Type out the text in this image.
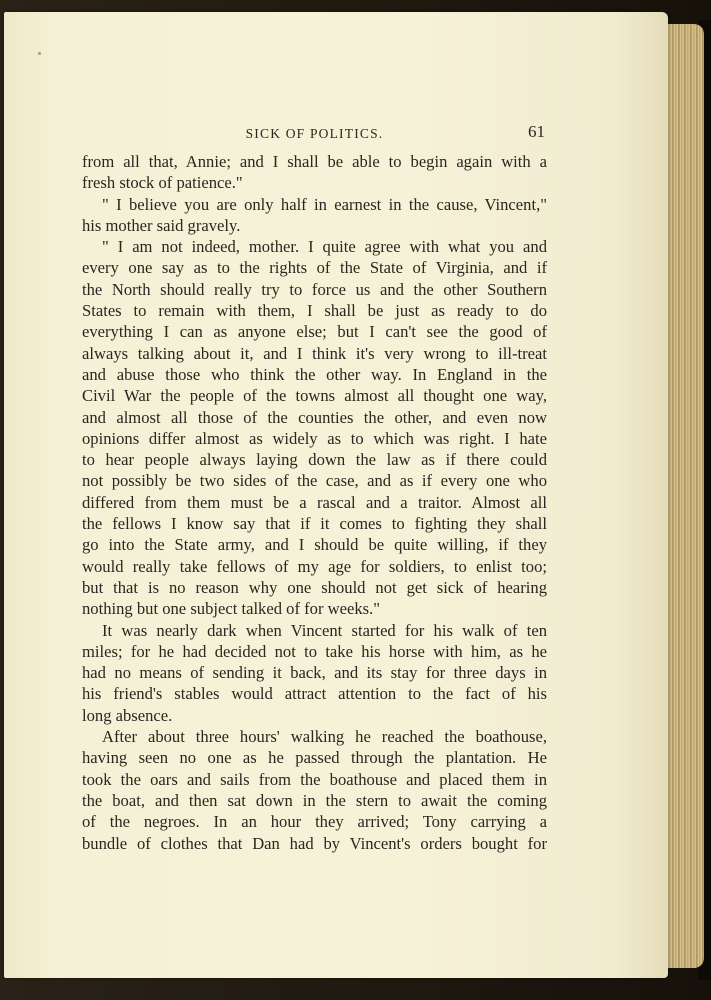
SICK OF POLITICS.	61
from all that, Annie; and I shall be able to begin again with a
fresh stock of patience."
" I believe you are only half in earnest in the cause, Vincent,"
his mother said gravely.
" I am not indeed, mother. I quite agree with what you and
every one say as to the rights of the State of Virginia, and if
the North should really try to force us and the other Southern
States to remain with them, I shall be just as ready to do
everything I can as anyone else; but I can't see the good of
always talking about it, and I think it's very wrong to ill-treat
and abuse those who think the other way. In England in the
Civil War the people of the towns almost all thought one way,
and almost all those of the counties the other, and even now
opinions differ almost as widely as to which was right. I hate
to hear people always laying down the law as if there could
not possibly be two sides of the case, and as if every one who
differed from them must be a rascal and a traitor. Almost all
the fellows I know say that if it comes to fighting they shall
go into the State army, and I should be quite willing, if they
would really take fellows of my age for soldiers, to enlist too;
but that is no reason why one should not get sick of hearing
nothing but one subject talked of for weeks."
It was nearly dark when Vincent started for his walk of ten
miles; for he had decided not to take his horse with him, as he
had no means of sending it back, and its stay for three days in
his friend's stables would attract attention to the fact of his
long absence.
After about three hours' walking he reached the boathouse,
having seen no one as he passed through the plantation. He
took the oars and sails from the boathouse and placed them in
the boat, and then sat down in the stern to await the coming
of the negroes. In an hour they arrived; Tony carrying a
bundle of clothes that Dan had by Vincent's orders bought for
